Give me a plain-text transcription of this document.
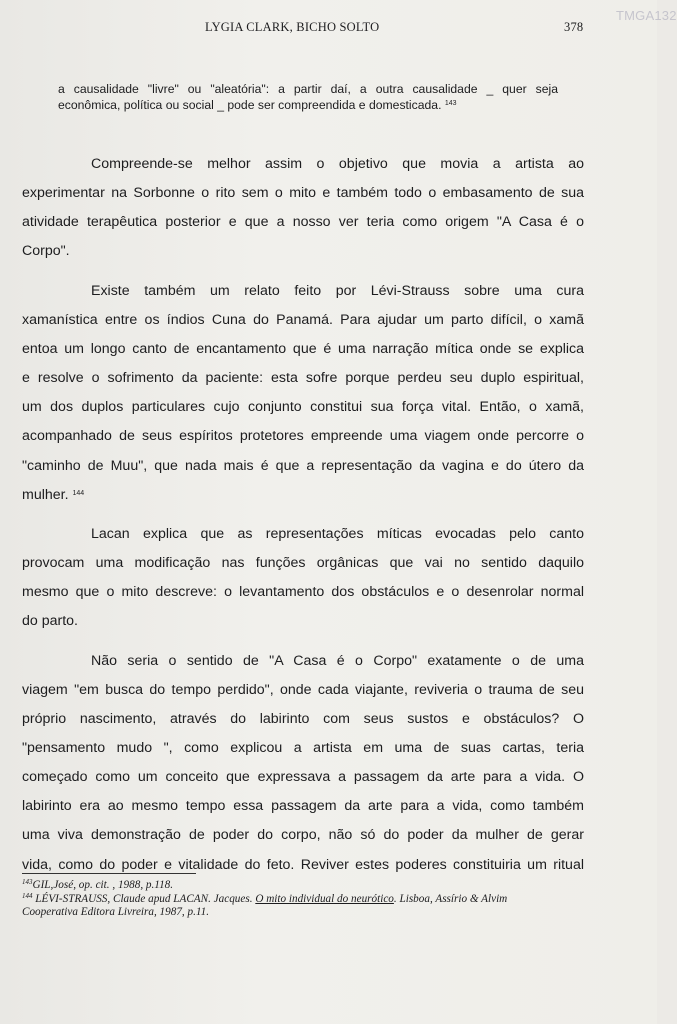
LYGIA CLARK, BICHO SOLTO	378
TMGA132
a causalidade "livre" ou "aleatória": a partir daí, a outra causalidade _ quer seja
econômica, política ou social _ pode ser compreendida e domesticada. $^{143}$

Compreende-se melhor assim o objetivo que movia a artista ao
experimentar na Sorbonne o rito sem o mito e também todo o embasamento de sua
atividade terapêutica posterior e que a nosso ver teria como origem "A Casa é o
Corpo".

Existe também um relato feito por Lévi-Strauss sobre uma cura
xamanística entre os índios Cuna do Panamá. Para ajudar um parto difícil, o xamã
entoa um longo canto de encantamento que é uma narração mítica onde se explica
e resolve o sofrimento da paciente: esta sofre porque perdeu seu duplo espiritual,
um dos duplos particulares cujo conjunto constitui sua força vital. Então, o xamã,
acompanhado de seus espíritos protetores empreende uma viagem onde percorre o
"caminho de Muu", que nada mais é que a representação da vagina e do útero da
mulher. $^{144}$

Lacan explica que as representações míticas evocadas pelo canto
provocam uma modificação nas funções orgânicas que vai no sentido daquilo
mesmo que o mito descreve: o levantamento dos obstáculos e o desenrolar normal
do parto.

Não seria o sentido de "A Casa é o Corpo" exatamente o de uma
viagem "em busca do tempo perdido", onde cada viajante, reviveria o trauma de seu
próprio nascimento, através do labirinto com seus sustos e obstáculos? O
"pensamento mudo ", como explicou a artista em uma de suas cartas, teria
começado como um conceito que expressava a passagem da arte para a vida. O
labirinto era ao mesmo tempo essa passagem da arte para a vida, como também
uma viva demonstração de poder do corpo, não só do poder da mulher de gerar
vida, como do poder e vitalidade do feto. Reviver estes poderes constituiria um ritual

$^{143}$GIL,José, op. cit. , 1988, p.118.
$^{144}$ LÉVI-STRAUSS, Claude apud LACAN. Jacques. O mito individual do neurótico. Lisboa, Assírio & Alvim
Cooperativa Editora Livreira, 1987, p.11.
